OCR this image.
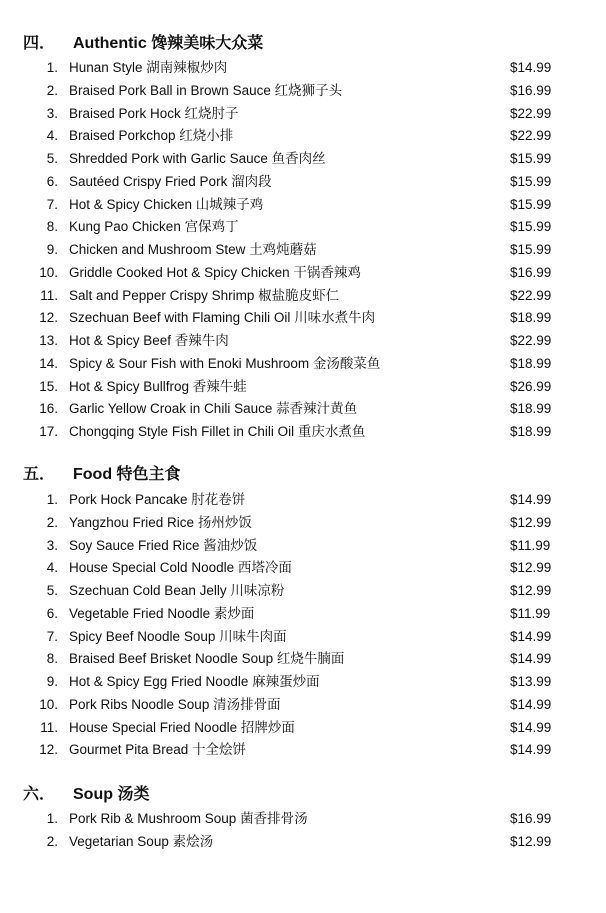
四． Authentic 馋辣美味大众菜
1. Hunan Style 湖南辣椒炒肉	$14.99
2. Braised Pork Ball in Brown Sauce 红烧狮子头	$16.99
3. Braised Pork Hock 红烧肘子	$22.99
4. Braised Porkchop 红烧小排	$22.99
5. Shredded Pork with Garlic Sauce 鱼香肉丝	$15.99
6. Sautéed Crispy Fried Pork 溜肉段	$15.99
7. Hot & Spicy Chicken 山城辣子鸡	$15.99
8. Kung Pao Chicken 宫保鸡丁	$15.99
9. Chicken and Mushroom Stew 土鸡炖蘑菇	$15.99
10. Griddle Cooked Hot & Spicy Chicken 干锅香辣鸡	$16.99
11. Salt and Pepper Crispy Shrimp 椒盐脆皮虾仁	$22.99
12. Szechuan Beef with Flaming Chili Oil 川味水煮牛肉	$18.99
13. Hot & Spicy Beef 香辣牛肉	$22.99
14. Spicy & Sour Fish with Enoki Mushroom 金汤酸菜鱼	$18.99
15. Hot & Spicy Bullfrog 香辣牛蛙	$26.99
16. Garlic Yellow Croak in Chili Sauce 蒜香辣汁黄鱼	$18.99
17. Chongqing Style Fish Fillet in Chili Oil 重庆水煮鱼	$18.99
五． Food 特色主食
1. Pork Hock Pancake 肘花卷饼	$14.99
2. Yangzhou Fried Rice 扬州炒饭	$12.99
3. Soy Sauce Fried Rice 酱油炒饭	$11.99
4. House Special Cold Noodle 西塔冷面	$12.99
5. Szechuan Cold Bean Jelly 川味凉粉	$12.99
6. Vegetable Fried Noodle 素炒面	$11.99
7. Spicy Beef Noodle Soup 川味牛肉面	$14.99
8. Braised Beef Brisket Noodle Soup 红烧牛腩面	$14.99
9. Hot & Spicy Egg Fried Noodle 麻辣蛋炒面	$13.99
10. Pork Ribs Noodle Soup 清汤排骨面	$14.99
11. House Special Fried Noodle 招牌炒面	$14.99
12. Gourmet Pita Bread 十全烩饼	$14.99
六． Soup 汤类
1. Pork Rib & Mushroom Soup 菌香排骨汤	$16.99
2. Vegetarian Soup 素烩汤	$12.99
